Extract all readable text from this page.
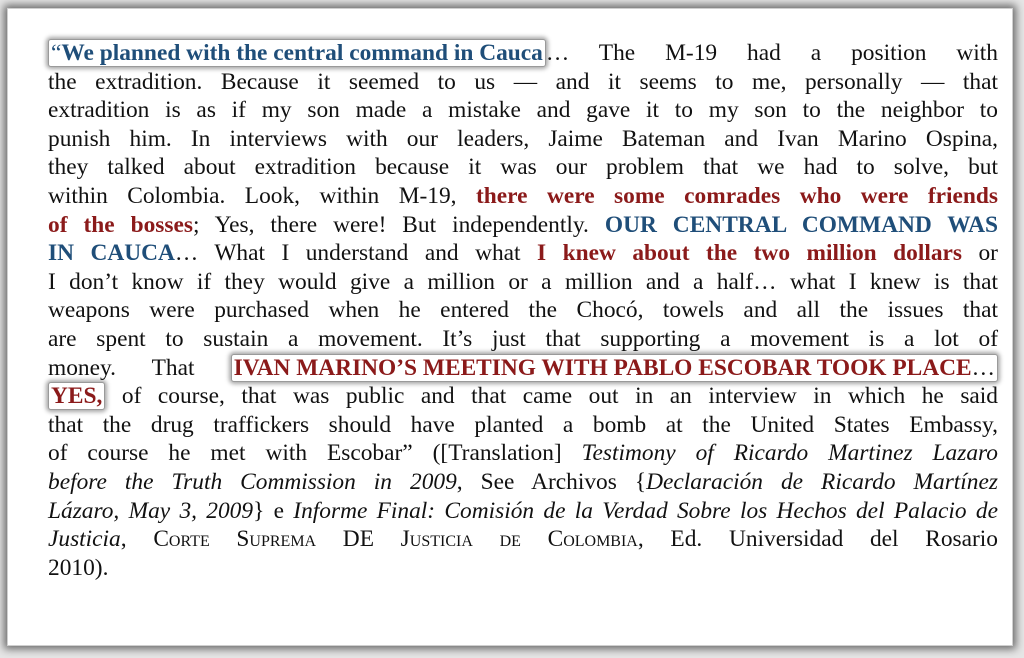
“We planned with the central command in Cauca … The M-19 had a position with
the extradition. Because it seemed to us — and it seems to me, personally — that
extradition is as if my son made a mistake and gave it to my son to the neighbor to
punish him. In interviews with our leaders, Jaime Bateman and Ivan Marino Ospina,
they talked about extradition because it was our problem that we had to solve, but
within Colombia. Look, within M-19, there were some comrades who were friends
of the bosses; Yes, there were! But independently. OUR CENTRAL COMMAND WAS
IN CAUCA… What I understand and what I knew about the two million dollars or
I don’t know if they would give a million or a million and a half… what I knew is that
weapons were purchased when he entered the Chocó, towels and all the issues that
are spent to sustain a movement. It’s just that supporting a movement is a lot of
money. That IVAN MARINO’S MEETING WITH PABLO ESCOBAR TOOK PLACE…
YES, of course, that was public and that came out in an interview in which he said
that the drug traffickers should have planted a bomb at the United States Embassy,
of course he met with Escobar” ([Translation] Testimony of Ricardo Martinez Lazaro
before the Truth Commission in 2009, See Archivos {Declaración de Ricardo Martínez
Lázaro, May 3, 2009} e Informe Final: Comisión de la Verdad Sobre los Hechos del Palacio de
Justicia, Corte Suprema DE Justicia de Colombia, Ed. Universidad del Rosario
2010).
